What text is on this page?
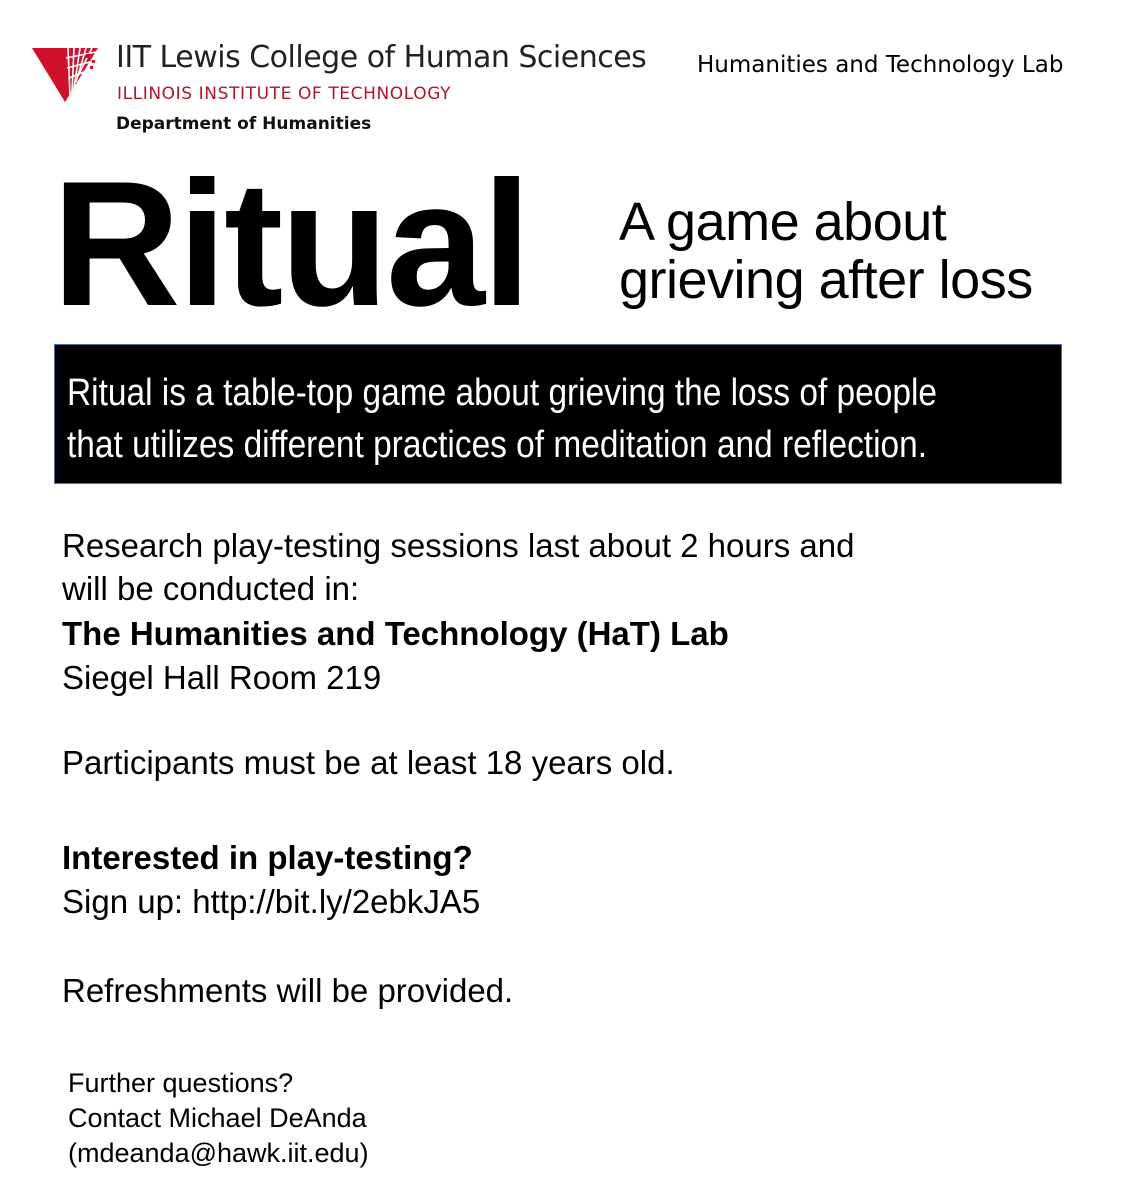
IIT Lewis College of Human Sciences
ILLINOIS INSTITUTE OF TECHNOLOGY
Department of Humanities
Humanities and Technology Lab
Ritual A game about
grieving after loss
Ritual is a table-top game about grieving the loss of people
that utilizes different practices of meditation and reflection.
Research play-testing sessions last about 2 hours and
will be conducted in:
The Humanities and Technology (HaT) Lab
Siegel Hall Room 219
Participants must be at least 18 years old.
Interested in play-testing?
Sign up: http://bit.ly/2ebkJA5
Refreshments will be provided.
Further questions?
Contact Michael DeAnda
(mdeanda@hawk.iit.edu)
